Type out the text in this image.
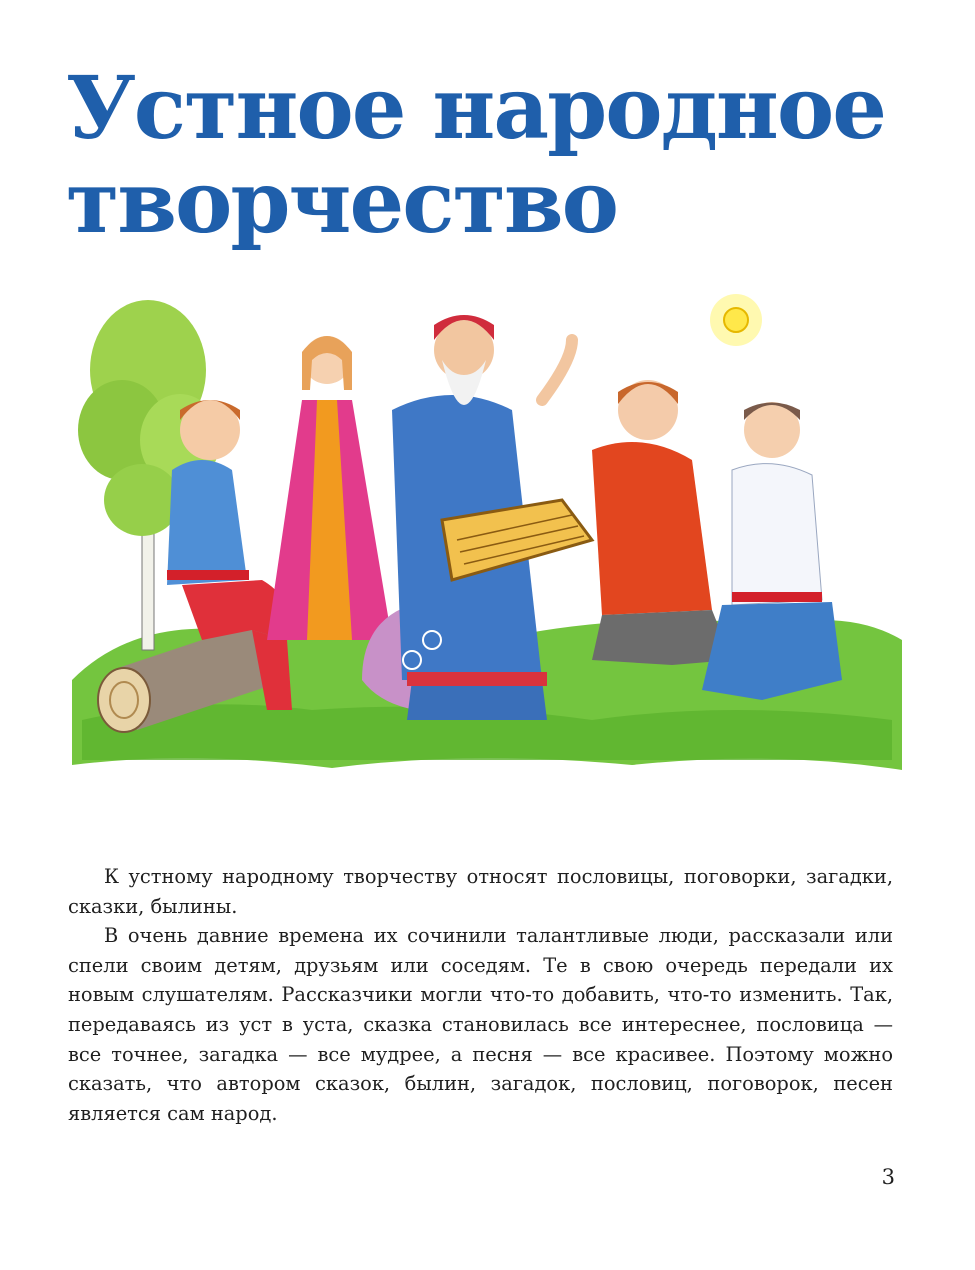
Устное народное
творчество

К устному народному творчеству относят пословицы, поговорки, загадки, сказки, былины.

В очень давние времена их сочинили талантливые люди, рассказали или спели своим детям, друзьям или соседям. Те в свою очередь передали их новым слушателям. Рассказчики могли что-то добавить, что-то изменить. Так, передаваясь из уст в уста, сказка становилась все интереснее, пословица — все точнее, загадка — все мудрее, а песня — все красивее. Поэтому можно сказать, что автором сказок, былин, загадок, пословиц, поговорок, песен является сам народ.

3
